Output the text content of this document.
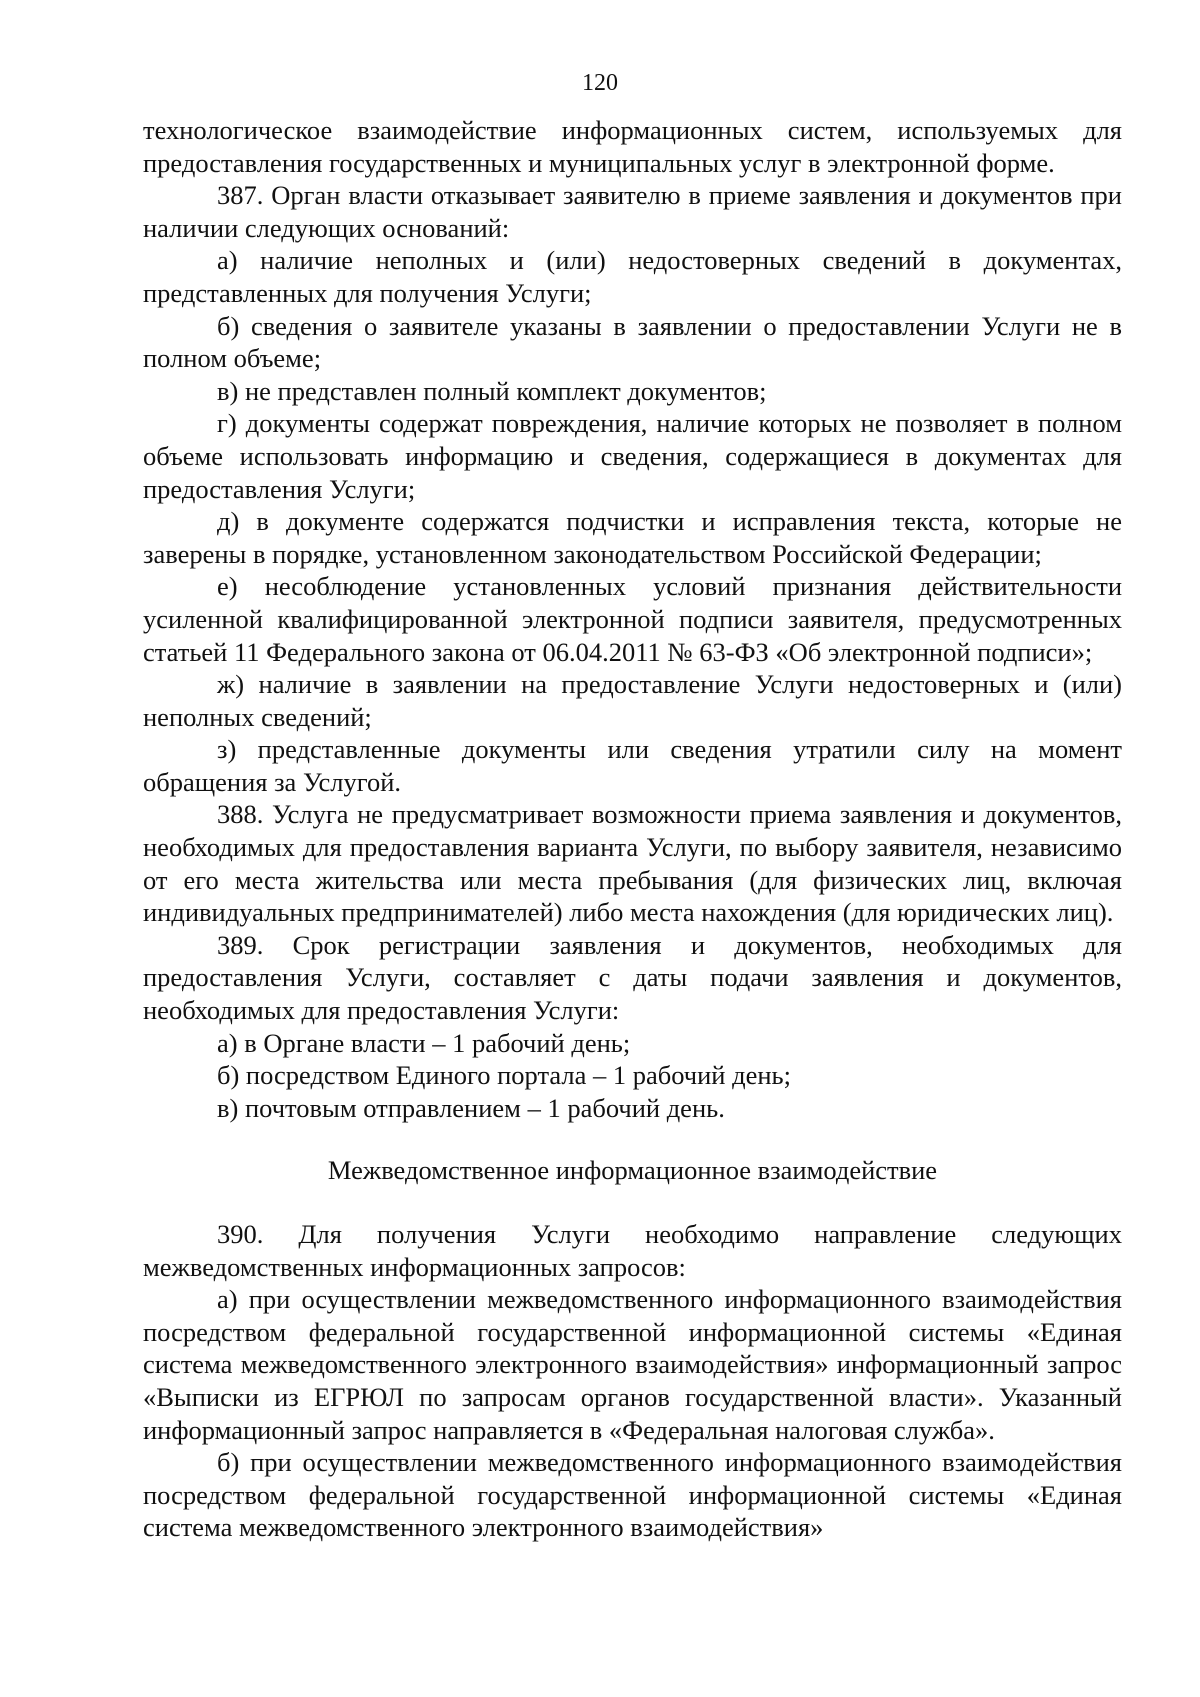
120

технологическое взаимодействие информационных систем, используемых для предоставления государственных и муниципальных услуг в электронной форме.

387. Орган власти отказывает заявителю в приеме заявления и документов при наличии следующих оснований:

а) наличие неполных и (или) недостоверных сведений в документах, представленных для получения Услуги;

б) сведения о заявителе указаны в заявлении о предоставлении Услуги не в полном объеме;

в) не представлен полный комплект документов;

г) документы содержат повреждения, наличие которых не позволяет в полном объеме использовать информацию и сведения, содержащиеся в документах для предоставления Услуги;

д) в документе содержатся подчистки и исправления текста, которые не заверены в порядке, установленном законодательством Российской Федерации;

е) несоблюдение установленных условий признания действительности усиленной квалифицированной электронной подписи заявителя, предусмотренных статьей 11 Федерального закона от 06.04.2011 № 63-ФЗ «Об электронной подписи»;

ж) наличие в заявлении на предоставление Услуги недостоверных и (или) неполных сведений;

з) представленные документы или сведения утратили силу на момент обращения за Услугой.

388. Услуга не предусматривает возможности приема заявления и документов, необходимых для предоставления варианта Услуги, по выбору заявителя, независимо от его места жительства или места пребывания (для физических лиц, включая индивидуальных предпринимателей) либо места нахождения (для юридических лиц).

389. Срок регистрации заявления и документов, необходимых для предоставления Услуги, составляет с даты подачи заявления и документов, необходимых для предоставления Услуги:

а) в Органе власти – 1 рабочий день;

б) посредством Единого портала – 1 рабочий день;

в) почтовым отправлением – 1 рабочий день.

Межведомственное информационное взаимодействие

390. Для получения Услуги необходимо направление следующих межведомственных информационных запросов:

а) при осуществлении межведомственного информационного взаимодействия посредством федеральной государственной информационной системы «Единая система межведомственного электронного взаимодействия» информационный запрос «Выписки из ЕГРЮЛ по запросам органов государственной власти». Указанный информационный запрос направляется в «Федеральная налоговая служба».

б) при осуществлении межведомственного информационного взаимодействия посредством федеральной государственной информационной системы «Единая система межведомственного электронного взаимодействия»
